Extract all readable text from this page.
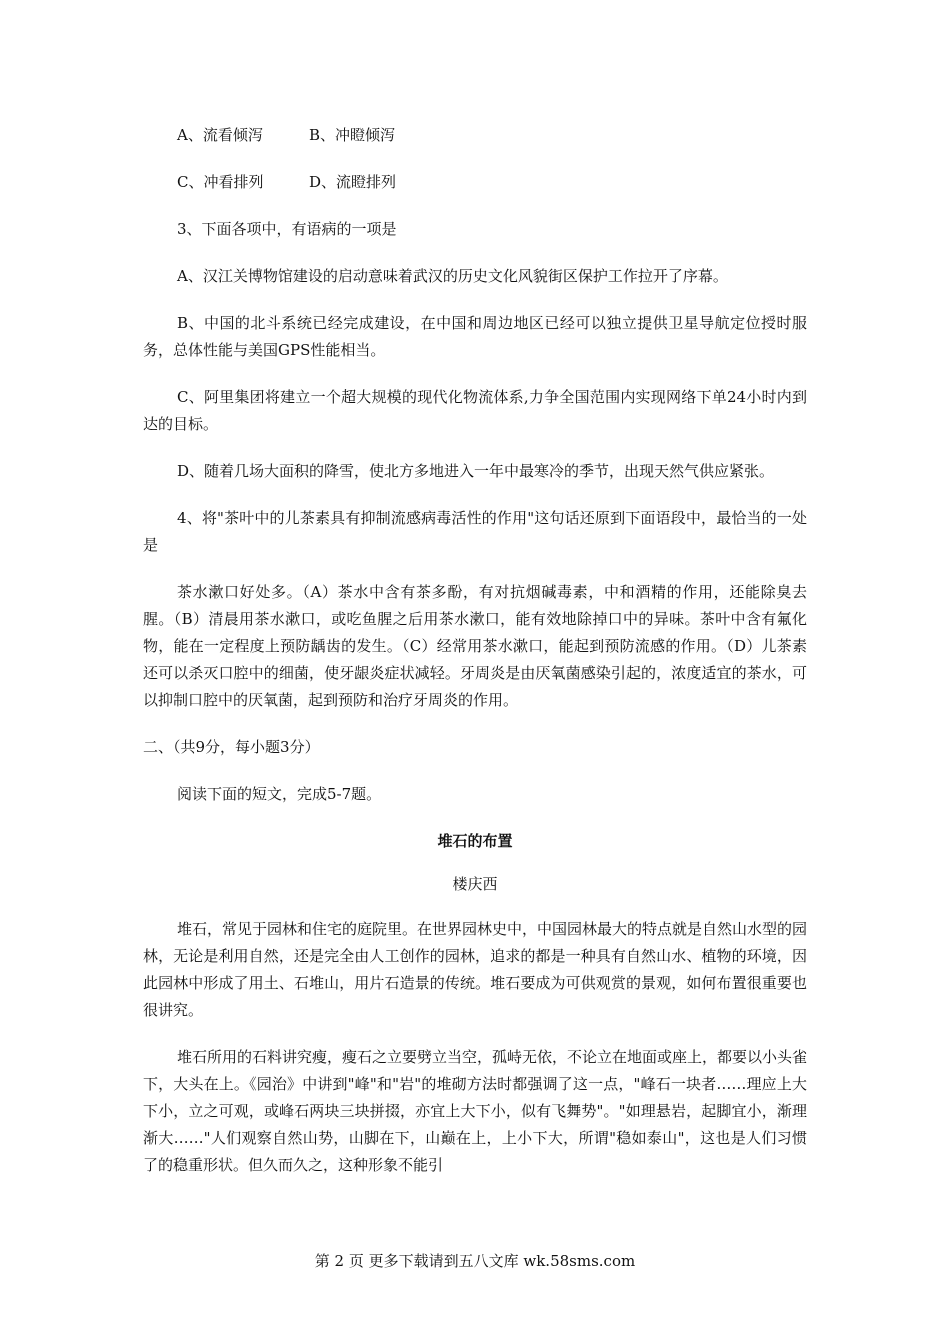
A、流看倾泻	B、冲瞪倾泻
C、冲看排列	D、流瞪排列

3、下面各项中，有语病的一项是

A、汉江关博物馆建设的启动意味着武汉的历史文化风貌街区保护工作拉开了序幕。

B、中国的北斗系统已经完成建设，在中国和周边地区已经可以独立提供卫星导航定位授时服务，总体性能与美国GPS性能相当。

C、阿里集团将建立一个超大规模的现代化物流体系,力争全国范围内实现网络下单24小时内到达的目标。

D、随着几场大面积的降雪，使北方多地进入一年中最寒冷的季节，出现天然气供应紧张。

4、将"茶叶中的儿茶素具有抑制流感病毒活性的作用"这句话还原到下面语段中，最恰当的一处是

茶水漱口好处多。（A）茶水中含有茶多酚，有对抗烟碱毒素，中和酒精的作用，还能除臭去腥。（B）清晨用茶水漱口，或吃鱼腥之后用茶水漱口，能有效地除掉口中的异味。茶叶中含有氟化物，能在一定程度上预防龋齿的发生。（C）经常用茶水漱口，能起到预防流感的作用。（D）儿茶素还可以杀灭口腔中的细菌，使牙龈炎症状减轻。牙周炎是由厌氧菌感染引起的，浓度适宜的茶水，可以抑制口腔中的厌氧菌，起到预防和治疗牙周炎的作用。

二、（共9分，每小题3分）

阅读下面的短文，完成5-7题。

堆石的布置
楼庆西

堆石，常见于园林和住宅的庭院里。在世界园林史中，中国园林最大的特点就是自然山水型的园林，无论是利用自然，还是完全由人工创作的园林，追求的都是一种具有自然山水、植物的环境，因此园林中形成了用土、石堆山，用片石造景的传统。堆石要成为可供观赏的景观，如何布置很重要也很讲究。

堆石所用的石料讲究瘦，瘦石之立要劈立当空，孤峙无依，不论立在地面或座上，都要以小头雀下，大头在上。《园治》中讲到"峰"和"岩"的堆砌方法时都强调了这一点，"峰石一块者……理应上大下小，立之可观，或峰石两块三块拼掇，亦宜上大下小，似有飞舞势"。"如理悬岩，起脚宜小，渐理渐大……"人们观察自然山势，山脚在下，山巅在上，上小下大，所谓"稳如泰山"，这也是人们习惯了的稳重形状。但久而久之，这种形象不能引

第 2 页 更多下载请到五八文库 wk.58sms.com
